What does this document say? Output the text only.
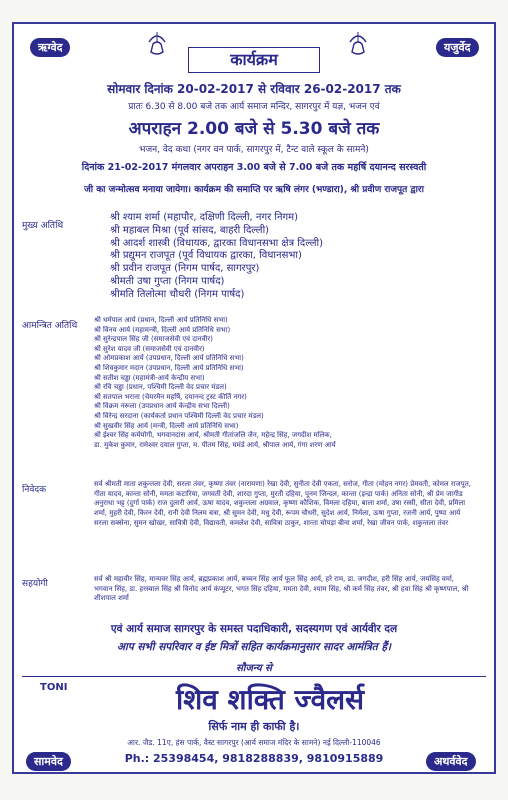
ऋग्वेद	यजुर्वेद
कार्यक्रम
सोमवार दिनांक 20-02-2017 से रविवार 26-02-2017 तक
प्रातः 6.30 से 8.00 बजे तक आर्य समाज मन्दिर, सागरपुर में यज्ञ, भजन एवं
अपराहन 2.00 बजे से 5.30 बजे तक
भजन, वेद कथा (नगर वन पार्क, सागरपुर में, टैन्ट वाले स्कूल के सामने)
दिनांक 21-02-2017 मंगलवार अपराहन 3.00 बजे से 7.00 बजे तक महर्षि दयानन्द सरस्वती
जी का जन्मोत्सव मनाया जायेगा। कार्यक्रम की समाप्ति पर ऋषि लंगर (भण्डारा), श्री प्रवीण राजपूत द्वारा
मुख्य अतिथि
श्री श्याम शर्मा (महापौर, दक्षिणी दिल्ली, नगर निगम)
श्री महाबल मिश्रा (पूर्व सांसद, बाहरी दिल्ली)
श्री आदर्श शास्त्री (विधायक, द्वारका विधानसभा क्षेत्र दिल्ली)
श्री प्रद्युमन राजपूत (पूर्व विधायक द्वारका, विधानसभा)
श्री प्रवीन राजपूत (निगम पार्षद, सागरपुर)
श्रीमती उषा गुप्ता (निगम पार्षद)
श्रीमति तिलोत्मा चौधरी (निगम पार्षद)
आमन्त्रित अतिथि
श्री धर्मपाल आर्य (प्रधान, दिल्ली आर्य प्रतिनिधि सभा)
श्री विनय आर्य (महामन्त्री, दिल्ली आर्य प्रतिनिधि सभा)
श्री सुरेन्द्रपाल सिंह जी (समाजसेवी एवं दानवीर)
श्री सुरेश यादव जी (समाजसेवी एवं दानवीर)
श्री ओमप्रकाश आर्य (उपप्रधान, दिल्ली आर्य प्रतिनिधि सभा)
श्री शिवकुमार मदान (उपप्रधान, दिल्ली आर्य प्रतिनिधि सभा)
श्री सतीश चड्ढा (महामंत्री-आर्य केन्द्रीय सभा)
श्री रवि चड्ढा (प्रधान, पश्चिमी दिल्ली वेद प्रचार मंडल)
श्री सतपाल भराना (चेयरमैन महर्षि, दयानन्द ट्रस्ट कीर्ति नगर)
श्री विक्रम नरूला (उपप्रधान आर्य केन्द्रीय सभा दिल्ली)
श्री विरेन्द्र सरदाना (कार्यकर्ता प्रधान पश्चिमी दिल्ली वेद प्रचार मंडल)
श्री सुखवीर सिंह आर्य (मन्त्री, दिल्ली आर्य प्रतिनिधि सभा)
श्री ईश्वर सिंह कर्मयोगी, भगवानदास आर्य, श्रीमती गीतांजलि जैन, महेन्द्र सिंह, जगदीश मलिक,
डा. मुकेश कुमार, रामेश्वर दयाल गुप्ता, म. पीतम सिंह, घमंडे आर्य, श्रीपाल आर्य, गंगा शरण आर्य
निवेदक
सर्व श्रीमती माता शकुन्तला देवी, सरला तंवर, कृष्णा तंवर (नारायणा) रेखा देवी, सुनीता देवी एकता, सरोज, गीता (मोहन नगर) प्रेमवती, कोमल राजपूत, गीता यादव, कान्ता सोनी, ममता कटारिया, जगवती देवी, शारदा गुप्ता, मुरती दहिया, पूनम जिन्दल, कान्ता (इन्द्रा पार्क) अनिता सोनी, श्री प्रेम जागीड अनुराधा भट्ट (दुर्गा पार्क) राज दुलारी आर्य, ऊषा यादव, शकुन्तला अग्रवाल, कृष्णा कौशिक, विमला दहिया, बाला शर्मा, उषा रस्सी, सीता देवी, प्रमिला शर्मा, मुहरी देवी, किरन देवी, रानी देवी निलम बत्रा, श्री सुमन देवी, मधु देवी, रूपम चौधरी, सुदेश आर्य, निर्मला, ऊषा गुप्ता, रजनी आर्य, पुष्पा आर्य सरला सक्सेना, सुमन खोखर, सावित्री देवी, विद्यावती, कमलेश देवी, सावित्रा ठाकुर, शान्ता चोपड़ा बीना शर्मा, रेखा जीवन पार्क, शकुन्तला तंवर
सहयोगी	सर्व श्री महावीर सिंह, मान्यवर सिंह आर्य, ब्रह्मप्रकाश आर्य, बच्चन सिंह आर्य फूल सिंह आर्य, हरे राम, डा. जगदीश, हरी सिंह आर्य, जयसिंह वर्मा, भगवान सिंह, डा. हरस्वाल सिंह श्री विनोद आर्य कंप्यूटर, भगत सिंह दहिया, ममता देवी, श्याम सिंह, श्री कर्म सिंह तंवर, श्री हवा सिंह श्री कृष्णपाल, श्री शीशपाल शर्मा
एवं आर्य समाज सागरपुर के समस्त पदाधिकारी, सदस्यगण एवं आर्यवीर दल
आप सभी सपरिवार व ईष्ट मित्रों सहित कार्यक्रमानुसार सादर आमंत्रित हैं।
सौजन्य से
TONI	शिव शक्ति ज्वैलर्स
सिर्फ नाम ही काफी है।
आर. जैड. 11ए, हंस पार्क, वैस्ट सागरपुर (आर्य समाज मंदिर के सामने) नई दिल्ली-110046
Ph.: 25398454, 9818288839, 9810915889
सामवेद	अथर्ववेद
